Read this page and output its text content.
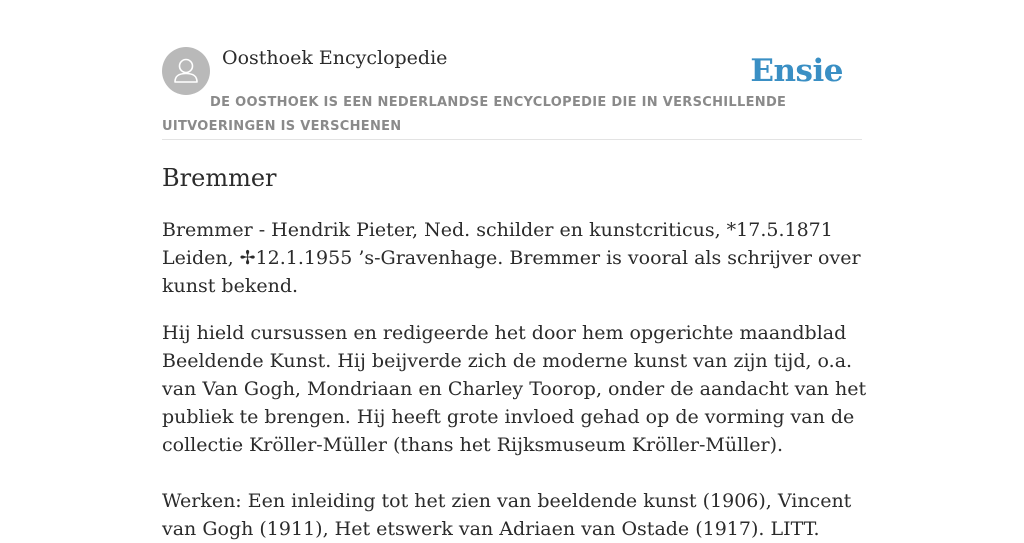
Oosthoek Encyclopedie	Ensie
DE OOSTHOEK IS EEN NEDERLANDSE ENCYCLOPEDIE DIE IN VERSCHILLENDE UITVOERINGEN IS VERSCHENEN
Bremmer

Bremmer - Hendrik Pieter, Ned. schilder en kunstcriticus, *17.5.1871 Leiden, ✢12.1.1955 ’s-Gravenhage. Bremmer is vooral als schrijver over kunst bekend.

Hij hield cursussen en redigeerde het door hem opgerichte maandblad Beeldende Kunst. Hij beijverde zich de moderne kunst van zijn tijd, o.a. van Van Gogh, Mondriaan en Charley Toorop, onder de aandacht van het publiek te brengen. Hij heeft grote invloed gehad op de vorming van de collectie Kröller-Müller (thans het Rijksmuseum Kröller-Müller).

Werken: Een inleiding tot het zien van beeldende kunst (1906), Vincent van Gogh (1911), Het etswerk van Adriaen van Ostade (1917). LITT.
